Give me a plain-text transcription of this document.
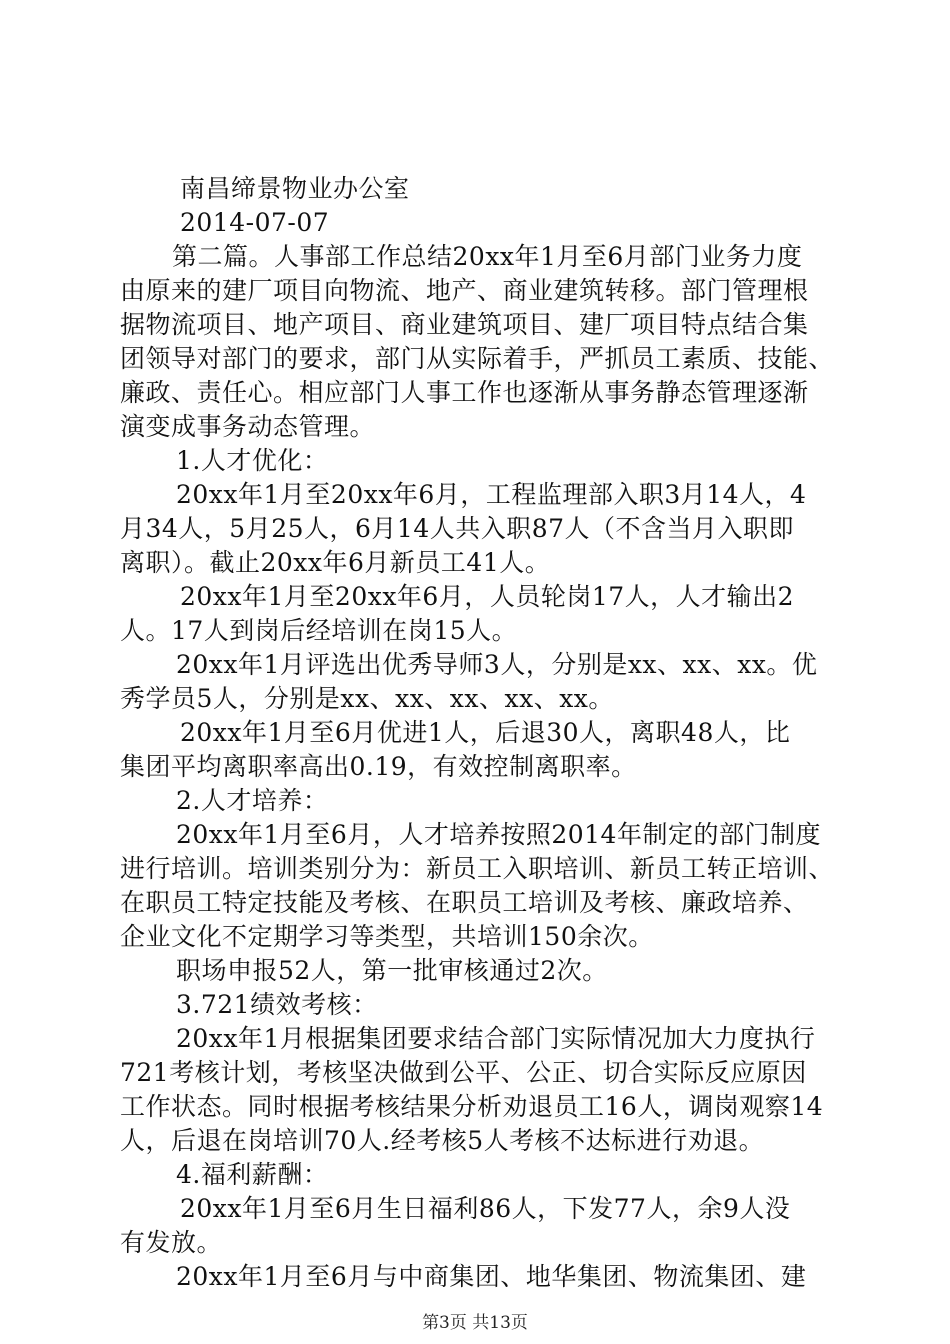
南昌缔景物业办公室
2014-07-07
第二篇。人事部工作总结20xx年1月至6月部门业务力度
由原来的建厂项目向物流、地产、商业建筑转移。部门管理根
据物流项目、地产项目、商业建筑项目、建厂项目特点结合集
团领导对部门的要求，部门从实际着手，严抓员工素质、技能、
廉政、责任心。相应部门人事工作也逐渐从事务静态管理逐渐
演变成事务动态管理。
1.人才优化：
20xx年1月至20xx年6月，工程监理部入职3月14人，4
月34人，5月25人，6月14人共入职87人（不含当月入职即
离职）。截止20xx年6月新员工41人。
20xx年1月至20xx年6月，人员轮岗17人，人才输出2
人。17人到岗后经培训在岗15人。
20xx年1月评选出优秀导师3人，分别是xx、xx、xx。优
秀学员5人，分别是xx、xx、xx、xx、xx。
20xx年1月至6月优进1人，后退30人，离职48人，比
集团平均离职率高出0.19，有效控制离职率。
2.人才培养：
20xx年1月至6月，人才培养按照2014年制定的部门制度
进行培训。培训类别分为：新员工入职培训、新员工转正培训、
在职员工特定技能及考核、在职员工培训及考核、廉政培养、
企业文化不定期学习等类型，共培训150余次。
职场申报52人，第一批审核通过2次。
3.721绩效考核：
20xx年1月根据集团要求结合部门实际情况加大力度执行
721考核计划，考核坚决做到公平、公正、切合实际反应原因
工作状态。同时根据考核结果分析劝退员工16人，调岗观察14
人，后退在岗培训70人.经考核5人考核不达标进行劝退。
4.福利薪酬：
20xx年1月至6月生日福利86人，下发77人，余9人没
有发放。
20xx年1月至6月与中商集团、地华集团、物流集团、建
第3页 共13页
